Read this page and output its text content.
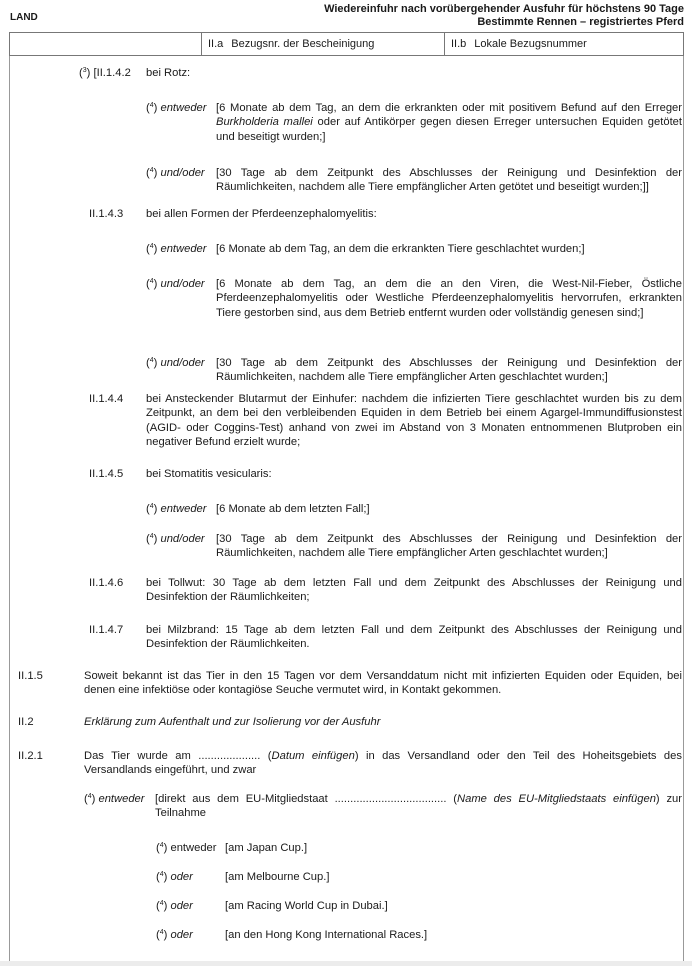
LAND
Wiedereinfuhr nach vorübergehender Ausfuhr für höchstens 90 Tage
Bestimmte Rennen – registriertes Pferd
II.a Bezugsnr. der Bescheinigung	II.b Lokale Bezugsnummer
($^3$) [II.1.4.2 bei Rotz:
($^4$) entweder [6 Monate ab dem Tag, an dem die erkrankten oder mit positivem Befund auf den Erreger Burkholderia mallei oder auf Antikörper gegen diesen Erreger untersuchen Equiden getötet und beseitigt wurden;]
($^4$) und/oder [30 Tage ab dem Zeitpunkt des Abschlusses der Reinigung und Desinfektion der Räumlichkeiten, nachdem alle Tiere empfänglicher Arten getötet und beseitigt wurden;]]
II.1.4.3 bei allen Formen der Pferdeenzephalomyelitis:
($^4$) entweder [6 Monate ab dem Tag, an dem die erkrankten Tiere geschlachtet wurden;]
($^4$) und/oder [6 Monate ab dem Tag, an dem die an den Viren, die West-Nil-Fieber, Östliche Pferdeenzephalomyelitis oder Westliche Pferdeenzephalomyelitis hervorrufen, erkrankten Tiere gestorben sind, aus dem Betrieb entfernt wurden oder vollständig genesen sind;]
($^4$) und/oder [30 Tage ab dem Zeitpunkt des Abschlusses der Reinigung und Desinfektion der Räumlichkeiten, nachdem alle Tiere empfänglicher Arten geschlachtet wurden;]
II.1.4.4 bei Ansteckender Blutarmut der Einhufer: nachdem die infizierten Tiere geschlachtet wurden bis zu dem Zeitpunkt, an dem bei den verbleibenden Equiden in dem Betrieb bei einem Agargel-Immundiffusionstest (AGID- oder Coggins-Test) anhand von zwei im Abstand von 3 Monaten entnommenen Blutproben ein negativer Befund erzielt wurde;
II.1.4.5 bei Stomatitis vesicularis:
($^4$) entweder [6 Monate ab dem letzten Fall;]
($^4$) und/oder [30 Tage ab dem Zeitpunkt des Abschlusses der Reinigung und Desinfektion der Räumlichkeiten, nachdem alle Tiere empfänglicher Arten geschlachtet wurden;]
II.1.4.6 bei Tollwut: 30 Tage ab dem letzten Fall und dem Zeitpunkt des Abschlusses der Reinigung und Desinfektion der Räumlichkeiten;
II.1.4.7 bei Milzbrand: 15 Tage ab dem letzten Fall und dem Zeitpunkt des Abschlusses der Reinigung und Desinfektion der Räumlichkeiten.
II.1.5	Soweit bekannt ist das Tier in den 15 Tagen vor dem Versanddatum nicht mit infizierten Equiden oder Equiden, bei denen eine infektiöse oder kontagiöse Seuche vermutet wird, in Kontakt gekommen.
II.2	Erklärung zum Aufenthalt und zur Isolierung vor der Ausfuhr
II.2.1	Das Tier wurde am .................... (Datum einfügen) in das Versandland oder den Teil des Hoheitsgebiets des Versandlands eingeführt, und zwar
($^4$) entweder [direkt aus dem EU-Mitgliedstaat .................................... (Name des EU-Mitgliedstaats einfügen) zur Teilnahme
($^4$) entweder [am Japan Cup.]
($^4$) oder	[am Melbourne Cup.]
($^4$) oder	[am Racing World Cup in Dubai.]
($^4$) oder	[an den Hong Kong International Races.]
